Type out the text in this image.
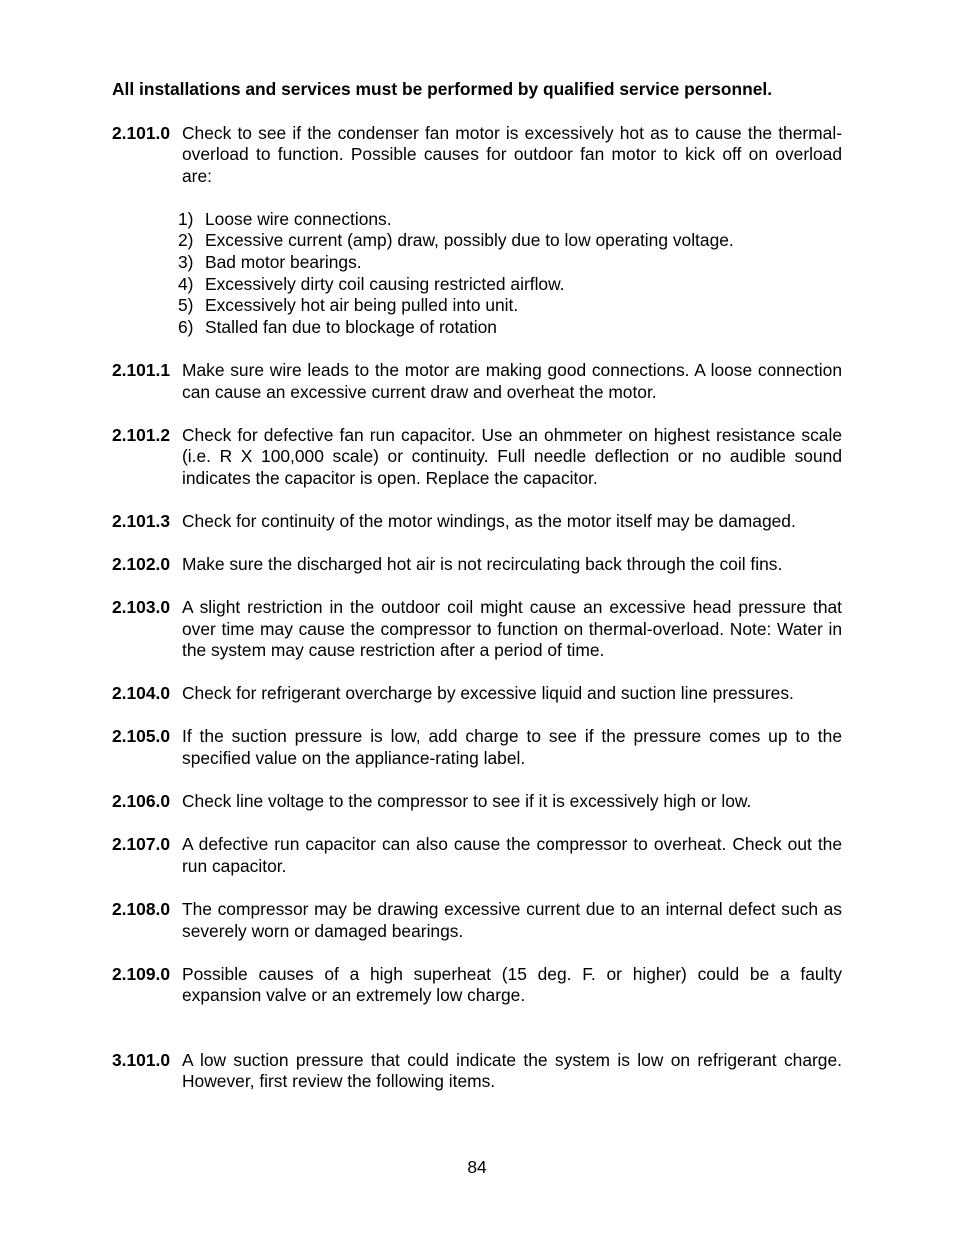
All installations and services must be performed by qualified service personnel.

2.101.0 Check to see if the condenser fan motor is excessively hot as to cause the thermal-overload to function. Possible causes for outdoor fan motor to kick off on overload are:
1) Loose wire connections.
2) Excessive current (amp) draw, possibly due to low operating voltage.
3) Bad motor bearings.
4) Excessively dirty coil causing restricted airflow.
5) Excessively hot air being pulled into unit.
6) Stalled fan due to blockage of rotation
2.101.1 Make sure wire leads to the motor are making good connections. A loose connection can cause an excessive current draw and overheat the motor.
2.101.2 Check for defective fan run capacitor. Use an ohmmeter on highest resistance scale (i.e. R X 100,000 scale) or continuity. Full needle deflection or no audible sound indicates the capacitor is open. Replace the capacitor.
2.101.3 Check for continuity of the motor windings, as the motor itself may be damaged.
2.102.0 Make sure the discharged hot air is not recirculating back through the coil fins.
2.103.0 A slight restriction in the outdoor coil might cause an excessive head pressure that over time may cause the compressor to function on thermal-overload. Note: Water in the system may cause restriction after a period of time.
2.104.0 Check for refrigerant overcharge by excessive liquid and suction line pressures.
2.105.0 If the suction pressure is low, add charge to see if the pressure comes up to the specified value on the appliance-rating label.
2.106.0 Check line voltage to the compressor to see if it is excessively high or low.
2.107.0 A defective run capacitor can also cause the compressor to overheat. Check out the run capacitor.
2.108.0 The compressor may be drawing excessive current due to an internal defect such as severely worn or damaged bearings.
2.109.0 Possible causes of a high superheat (15 deg. F. or higher) could be a faulty expansion valve or an extremely low charge.
3.101.0 A low suction pressure that could indicate the system is low on refrigerant charge. However, first review the following items.
84
